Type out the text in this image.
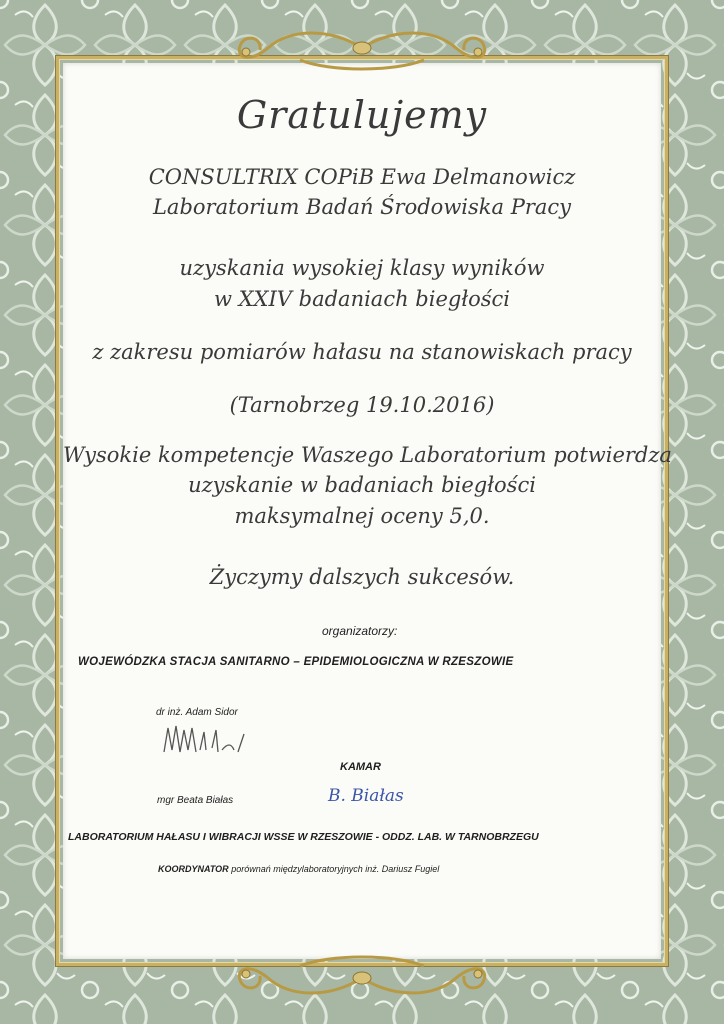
Gratulujemy
CONSULTRIX COPiB Ewa Delmanowicz
Laboratorium Badań Środowiska Pracy
uzyskania wysokiej klasy wyników
w XXIV badaniach biegłości
z zakresu pomiarów hałasu na stanowiskach pracy
(Tarnobrzeg 19.10.2016)
Wysokie kompetencje Waszego Laboratorium potwierdza
uzyskanie w badaniach biegłości
maksymalnej oceny 5,0.
Życzymy dalszych sukcesów.
organizatorzy:
WOJEWÓDZKA STACJA SANITARNO – EPIDEMIOLOGICZNA W RZESZOWIE
dr inż. Adam Sidor
KAMAR
mgr Beata Białas	B. Białas
LABORATORIUM HAŁASU I WIBRACJI WSSE W RZESZOWIE - ODDZ. LAB. W TARNOBRZEGU
KOORDYNATOR porównań międzylaboratoryjnych inż. Dariusz Fugiel
